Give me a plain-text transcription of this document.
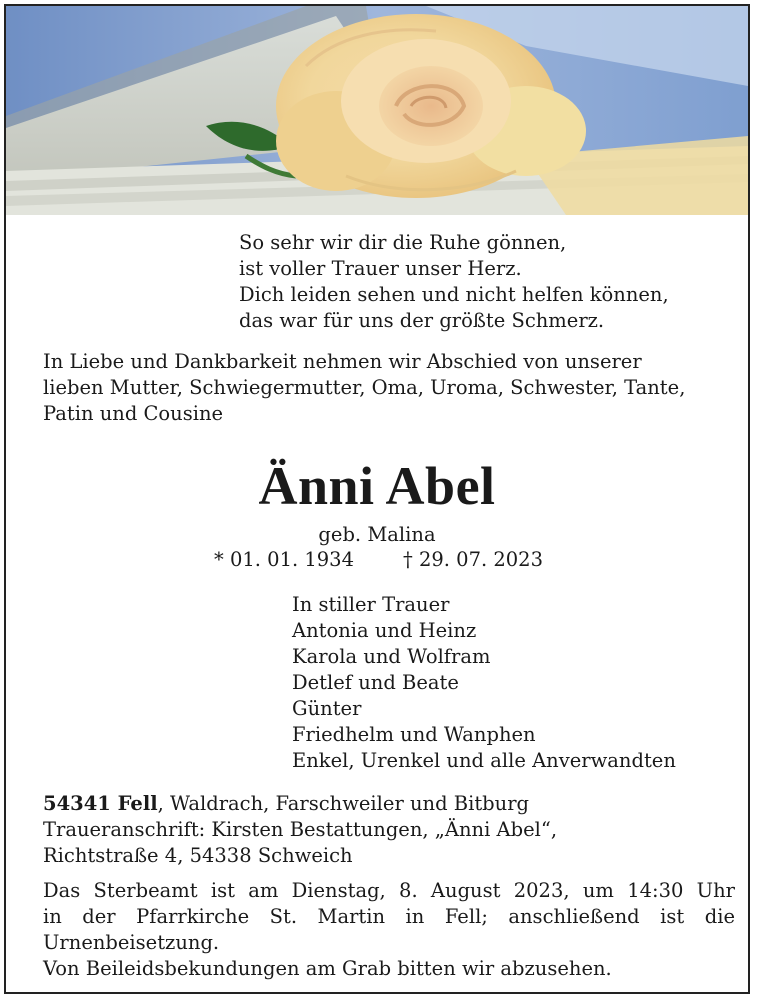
So sehr wir dir die Ruhe gönnen,
ist voller Trauer unser Herz.
Dich leiden sehen und nicht helfen können,
das war für uns der größte Schmerz.
In Liebe und Dankbarkeit nehmen wir Abschied von unserer
lieben Mutter, Schwiegermutter, Oma, Uroma, Schwester, Tante,
Patin und Cousine
Änni Abel
geb. Malina
* 01. 01. 1934	† 29. 07. 2023
In stiller Trauer
Antonia und Heinz
Karola und Wolfram
Detlef und Beate
Günter
Friedhelm und Wanphen
Enkel, Urenkel und alle Anverwandten
54341 Fell, Waldrach, Farschweiler und Bitburg
Traueranschrift: Kirsten Bestattungen, „Änni Abel“,
Richtstraße 4, 54338 Schweich
Das Sterbeamt ist am Dienstag, 8. August 2023, um 14:30 Uhr
in der Pfarrkirche St. Martin in Fell; anschließend ist die
Urnenbeisetzung.
Von Beileidsbekundungen am Grab bitten wir abzusehen.
